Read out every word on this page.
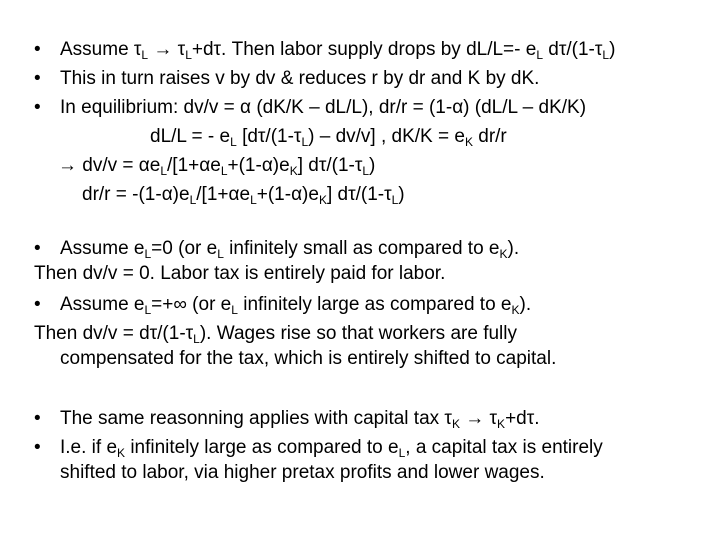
• Assume $\tau_L \to \tau_L+d\tau$. Then labor supply drops by dL/L=- $e_L$ $d\tau/(1-\tau_L)$
• This in turn raises v by dv & reduces r by dr and K by dK.
• In equilibrium: dv/v = α (dK/K – dL/L), dr/r = (1-α) (dL/L – dK/K)
dL/L = - $e_L$ $[d\tau/(1-\tau_L) - dv/v]$ , $dK/K = e_K$ dr/r
→ $dv/v = \alpha e_L/[1+\alpha e_L+(1-\alpha)e_K]$ $d\tau/(1-\tau_L)$
$dr/r = -(1-\alpha)e_L/[1+\alpha e_L+(1-\alpha)e_K]$ $d\tau/(1-\tau_L)$
• Assume $e_L=0$ (or $e_L$ infinitely small as compared to $e_K$).
Then dv/v = 0. Labor tax is entirely paid for labor.
• Assume $e_L=+\infty$ (or $e_L$ infinitely large as compared to $e_K$).
Then $dv/v = d\tau/(1-\tau_L)$. Wages rise so that workers are fully
compensated for the tax, which is entirely shifted to capital.
• The same reasonning applies with capital tax $\tau_K \to \tau_K+d\tau$.
• I.e. if $e_K$ infinitely large as compared to $e_L$, a capital tax is entirely
shifted to labor, via higher pretax profits and lower wages.
